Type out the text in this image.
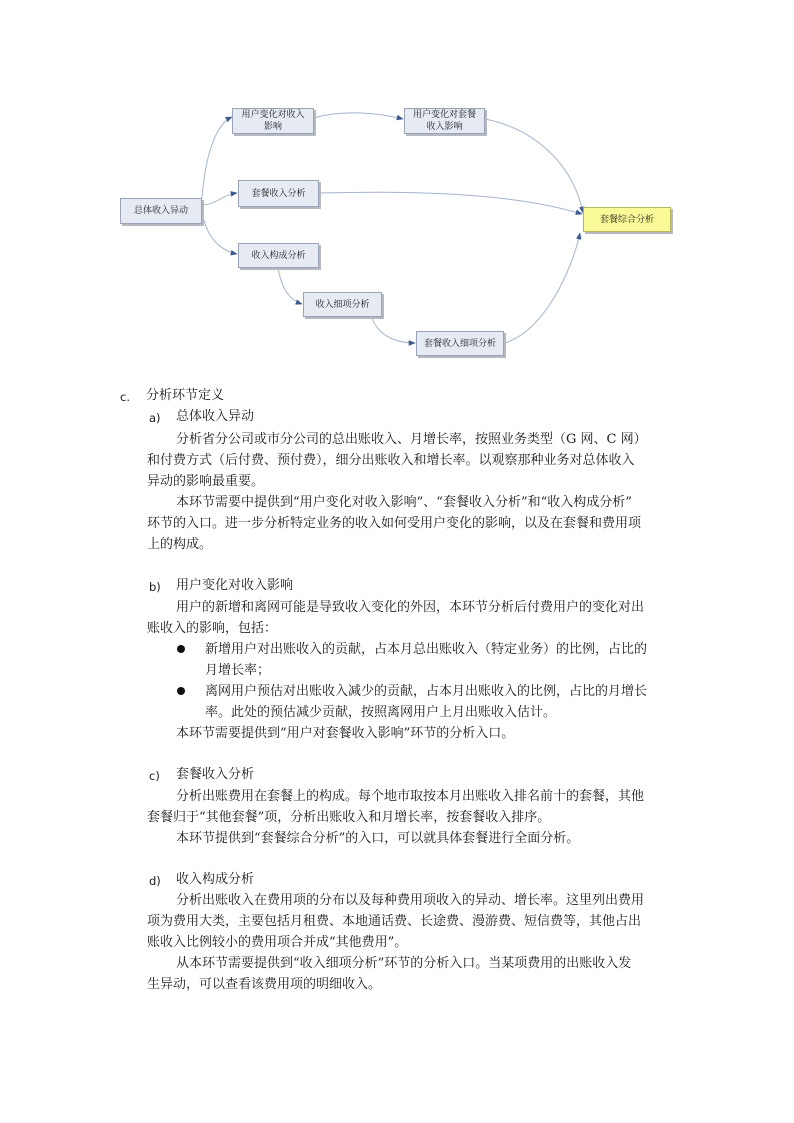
总体收入异动
用户变化对收入
影响
用户变化对套餐
收入影响
套餐收入分析
套餐综合分析
收入构成分析
收入细项分析
套餐收入细项分析
c. 分析环节定义
a) 总体收入异动
分析省分公司或市分公司的总出账收入、月增长率，按照业务类型（G 网、C 网）
和付费方式（后付费、预付费），细分出账收入和增长率。以观察那种业务对总体收入
异动的影响最重要。
本环节需要中提供到“用户变化对收入影响”、“套餐收入分析”和“收入构成分析”
环节的入口。进一步分析特定业务的收入如何受用户变化的影响，以及在套餐和费用项
上的构成。
b) 用户变化对收入影响
用户的新增和离网可能是导致收入变化的外因，本环节分析后付费用户的变化对出
账收入的影响，包括：
新增用户对出账收入的贡献，占本月总出账收入（特定业务）的比例，占比的
月增长率；
离网用户预估对出账收入减少的贡献，占本月出账收入的比例，占比的月增长
率。此处的预估减少贡献，按照离网用户上月出账收入估计。
本环节需要提供到“用户对套餐收入影响”环节的分析入口。
c) 套餐收入分析
分析出账费用在套餐上的构成。每个地市取按本月出账收入排名前十的套餐，其他
套餐归于“其他套餐”项，分析出账收入和月增长率，按套餐收入排序。
本环节提供到“套餐综合分析”的入口，可以就具体套餐进行全面分析。
d) 收入构成分析
分析出账收入在费用项的分布以及每种费用项收入的异动、增长率。这里列出费用
项为费用大类，主要包括月租费、本地通话费、长途费、漫游费、短信费等，其他占出
账收入比例较小的费用项合并成“其他费用”。
从本环节需要提供到“收入细项分析”环节的分析入口。当某项费用的出账收入发
生异动，可以查看该费用项的明细收入。
